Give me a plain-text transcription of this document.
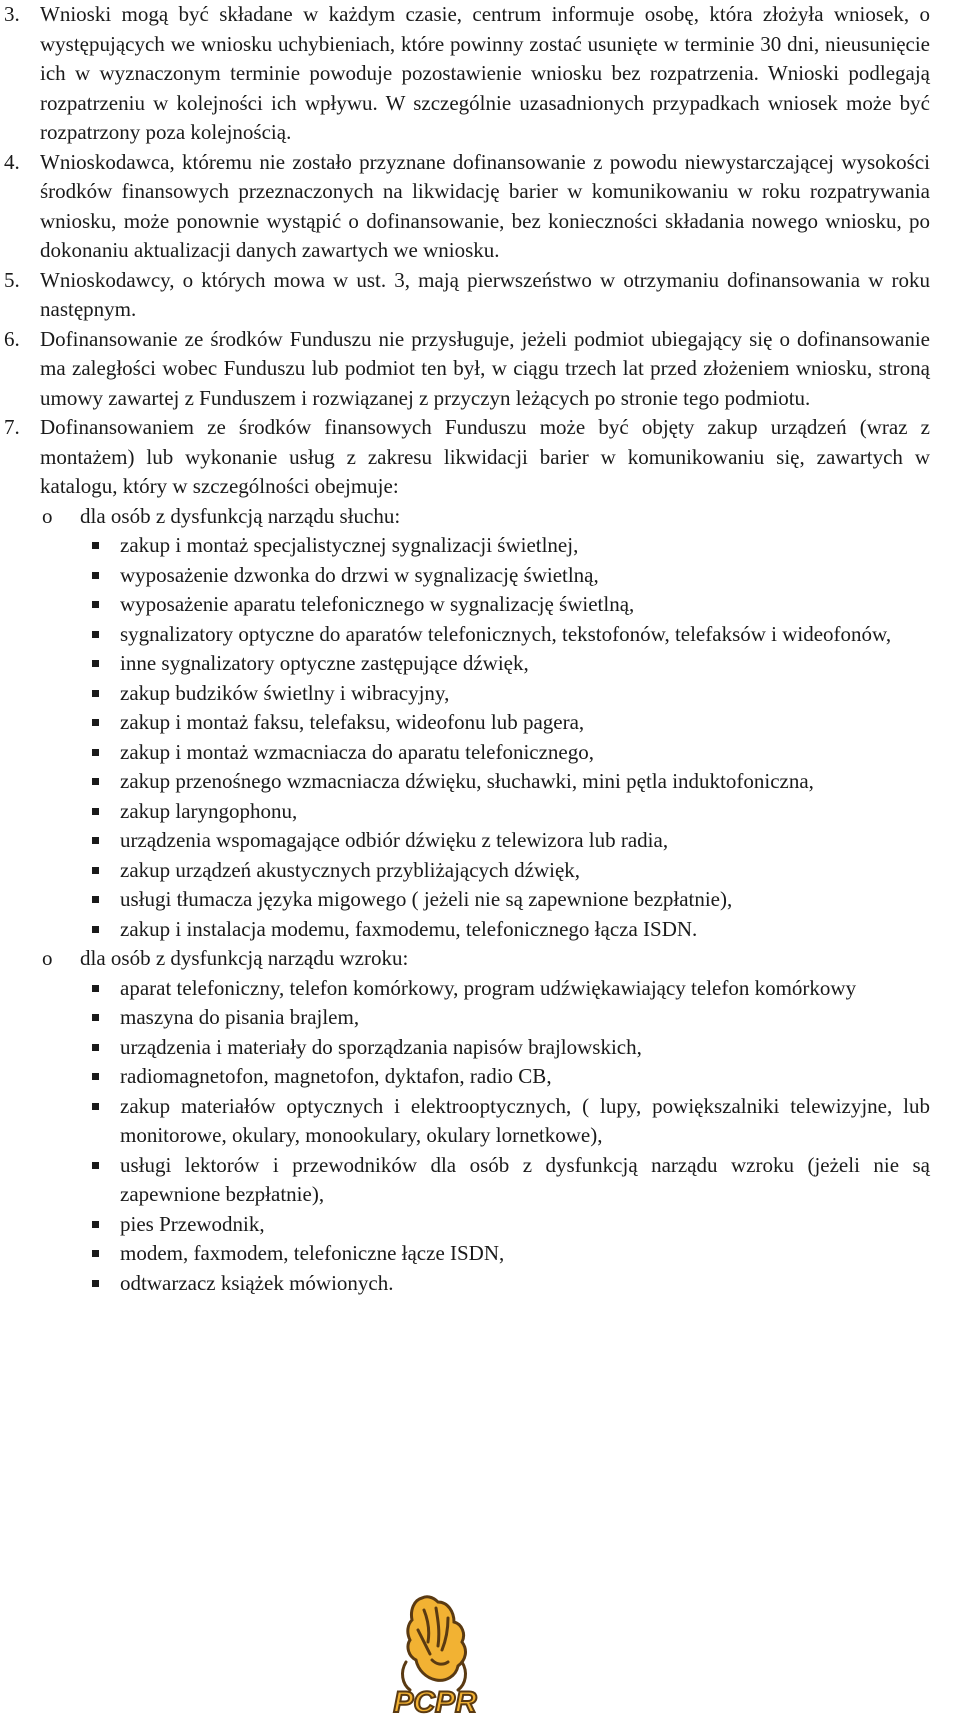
3. Wnioski mogą być składane w każdym czasie, centrum informuje osobę, która złożyła wniosek, o występujących we wniosku uchybieniach, które powinny zostać usunięte w terminie 30 dni, nieusunięcie ich w wyznaczonym terminie powoduje pozostawienie wniosku bez rozpatrzenia. Wnioski podlegają rozpatrzeniu w kolejności ich wpływu. W szczególnie uzasadnionych przypadkach wniosek może być rozpatrzony poza kolejnością.
4. Wnioskodawca, któremu nie zostało przyznane dofinansowanie z powodu niewystarczającej wysokości środków finansowych przeznaczonych na likwidację barier w komunikowaniu w roku rozpatrywania wniosku, może ponownie wystąpić o dofinansowanie, bez konieczności składania nowego wniosku, po dokonaniu aktualizacji danych zawartych we wniosku.
5. Wnioskodawcy, o których mowa w ust. 3, mają pierwszeństwo w otrzymaniu dofinansowania w roku następnym.
6. Dofinansowanie ze środków Funduszu nie przysługuje, jeżeli podmiot ubiegający się o dofinansowanie ma zaległości wobec Funduszu lub podmiot ten był, w ciągu trzech lat przed złożeniem wniosku, stroną umowy zawartej z Funduszem i rozwiązanej z przyczyn leżących po stronie tego podmiotu.
7. Dofinansowaniem ze środków finansowych Funduszu może być objęty zakup urządzeń (wraz z montażem) lub wykonanie usług z zakresu likwidacji barier w komunikowaniu się, zawartych w katalogu, który w szczególności obejmuje:
o	dla osób z dysfunkcją narządu słuchu:
zakup i montaż specjalistycznej sygnalizacji świetlnej,
wyposażenie dzwonka do drzwi w sygnalizację świetlną,
wyposażenie aparatu telefonicznego w sygnalizację świetlną,
sygnalizatory optyczne do aparatów telefonicznych, tekstofonów, telefaksów i wideofonów,
inne sygnalizatory optyczne zastępujące dźwięk,
zakup budzików świetlny i wibracyjny,
zakup i montaż faksu, telefaksu, wideofonu lub pagera,
zakup i montaż wzmacniacza do aparatu telefonicznego,
zakup przenośnego wzmacniacza dźwięku, słuchawki, mini pętla induktofoniczna,
zakup laryngophonu,
urządzenia wspomagające odbiór dźwięku z telewizora lub radia,
zakup urządzeń akustycznych przybliżających dźwięk,
usługi tłumacza języka migowego ( jeżeli nie są zapewnione bezpłatnie),
zakup i instalacja modemu, faxmodemu, telefonicznego łącza ISDN.
o	dla osób z dysfunkcją narządu wzroku:
aparat telefoniczny, telefon komórkowy, program udźwiękawiający telefon komórkowy
maszyna do pisania brajlem,
urządzenia i materiały do sporządzania napisów brajlowskich,
radiomagnetofon, magnetofon, dyktafon, radio CB,
zakup materiałów optycznych i elektrooptycznych, ( lupy, powiększalniki telewizyjne, lub monitorowe, okulary, monookulary, okulary lornetkowe),
usługi lektorów i przewodników dla osób z dysfunkcją narządu wzroku (jeżeli nie są zapewnione bezpłatnie),
pies Przewodnik,
modem, faxmodem, telefoniczne łącze ISDN,
odtwarzacz książek mówionych.
PCPR
